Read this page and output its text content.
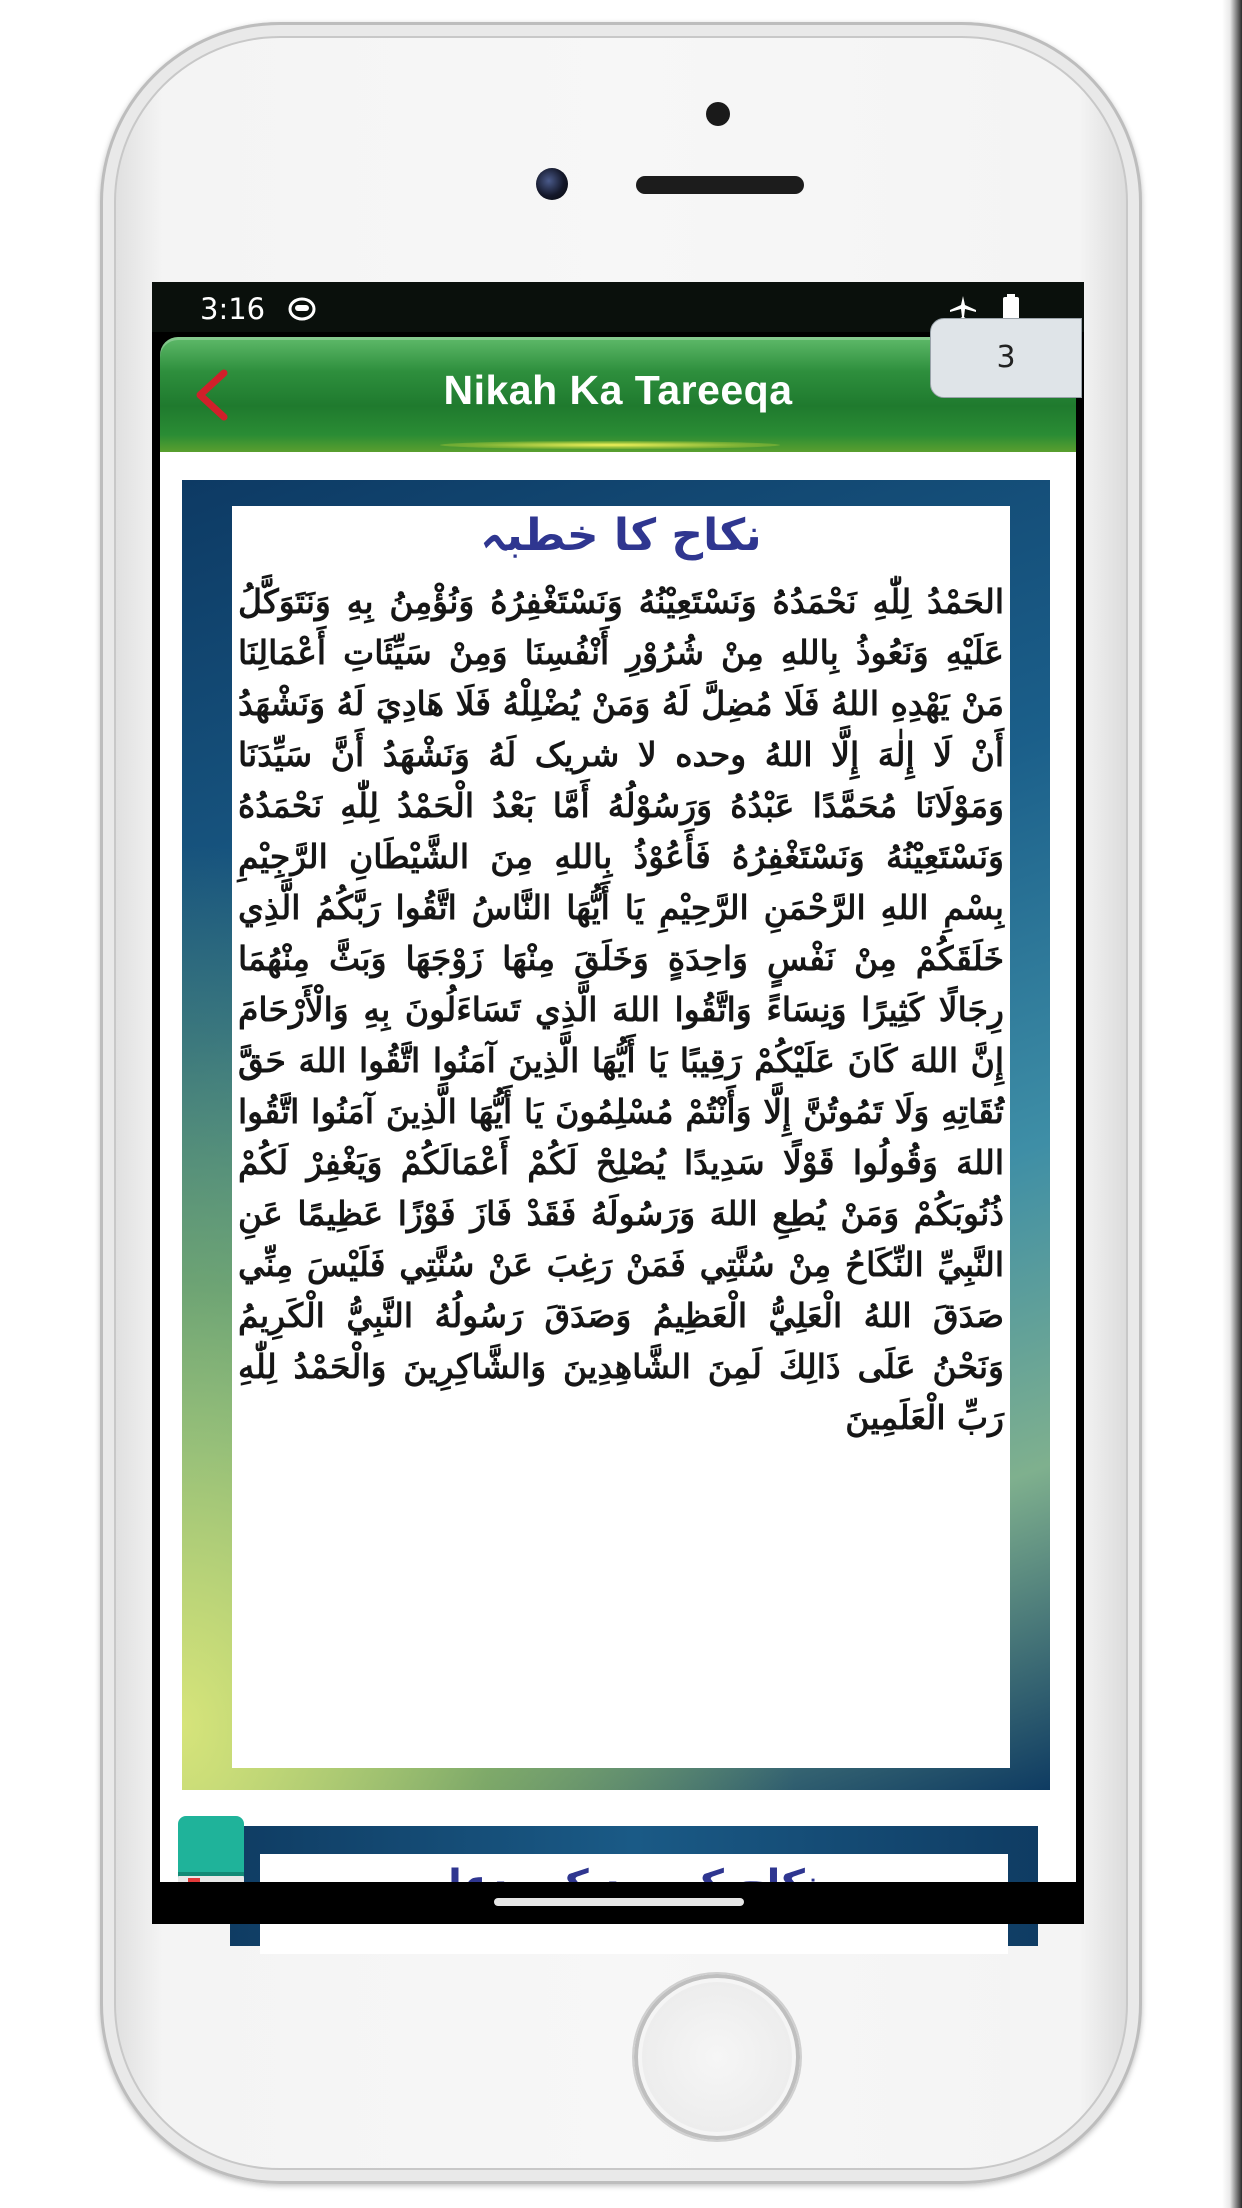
3:16
Nikah Ka Tareeqa
نکاح کا خطبہ
الحَمْدُ لِلّٰهِ نَحْمَدُهُ وَنَسْتَعِيْنُهُ وَنَسْتَغْفِرُهُ وَنُؤْمِنُ بِهِ وَنَتَوَكَّلُ عَلَيْهِ وَنَعُوذُ بِاللهِ مِنْ شُرُوْرِ أَنْفُسِنَا وَمِنْ سَيِّئَاتِ أَعْمَالِنَا مَنْ يَهْدِهِ اللهُ فَلَا مُضِلَّ لَهُ وَمَنْ يُضْلِلْهُ فَلَا هَادِيَ لَهُ وَنَشْهَدُ أَنْ لَا إِلٰهَ إِلَّا اللهُ وحده لا شريک لَهُ وَنَشْهَدُ أَنَّ سَيِّدَنَا وَمَوْلَانَا مُحَمَّدًا عَبْدُهُ وَرَسُوْلُهُ أَمَّا بَعْدُ الْحَمْدُ لِلّٰهِ نَحْمَدُهُ وَنَسْتَعِيْنُهُ وَنَسْتَغْفِرُهُ فَأَعُوْذُ بِاللهِ مِنَ الشَّيْطَانِ الرَّجِيْمِ بِسْمِ اللهِ الرَّحْمَنِ الرَّحِيْمِ يَا أَيُّهَا النَّاسُ اتَّقُوا رَبَّكُمُ الَّذِي خَلَقَكُمْ مِنْ نَفْسٍ وَاحِدَةٍ وَخَلَقَ مِنْهَا زَوْجَهَا وَبَثَّ مِنْهُمَا رِجَالًا كَثِيرًا وَنِسَاءً وَاتَّقُوا اللهَ الَّذِي تَسَاءَلُونَ بِهِ وَالْأَرْحَامَ إِنَّ اللهَ كَانَ عَلَيْكُمْ رَقِيبًا يَا أَيُّهَا الَّذِينَ آمَنُوا اتَّقُوا اللهَ حَقَّ تُقَاتِهِ وَلَا تَمُوتُنَّ إِلَّا وَأَنْتُمْ مُسْلِمُونَ يَا أَيُّهَا الَّذِينَ آمَنُوا اتَّقُوا اللهَ وَقُولُوا قَوْلًا سَدِيدًا يُصْلِحْ لَكُمْ أَعْمَالَكُمْ وَيَغْفِرْ لَكُمْ ذُنُوبَكُمْ وَمَنْ يُطِعِ اللهَ وَرَسُولَهُ فَقَدْ فَازَ فَوْزًا عَظِيمًا عَنِ النَّبِيِّ النِّكَاحُ مِنْ سُنَّتِي فَمَنْ رَغِبَ عَنْ سُنَّتِي فَلَيْسَ مِنِّي صَدَقَ اللهُ الْعَلِيُّ الْعَظِيمُ وَصَدَقَ رَسُولُهُ النَّبِيُّ الْكَرِيمُ وَنَحْنُ عَلَى ذَالِكَ لَمِنَ الشَّاهِدِينَ وَالشَّاكِرِينَ وَالْحَمْدُ لِلّٰهِ رَبِّ الْعَلَمِينَ
3
